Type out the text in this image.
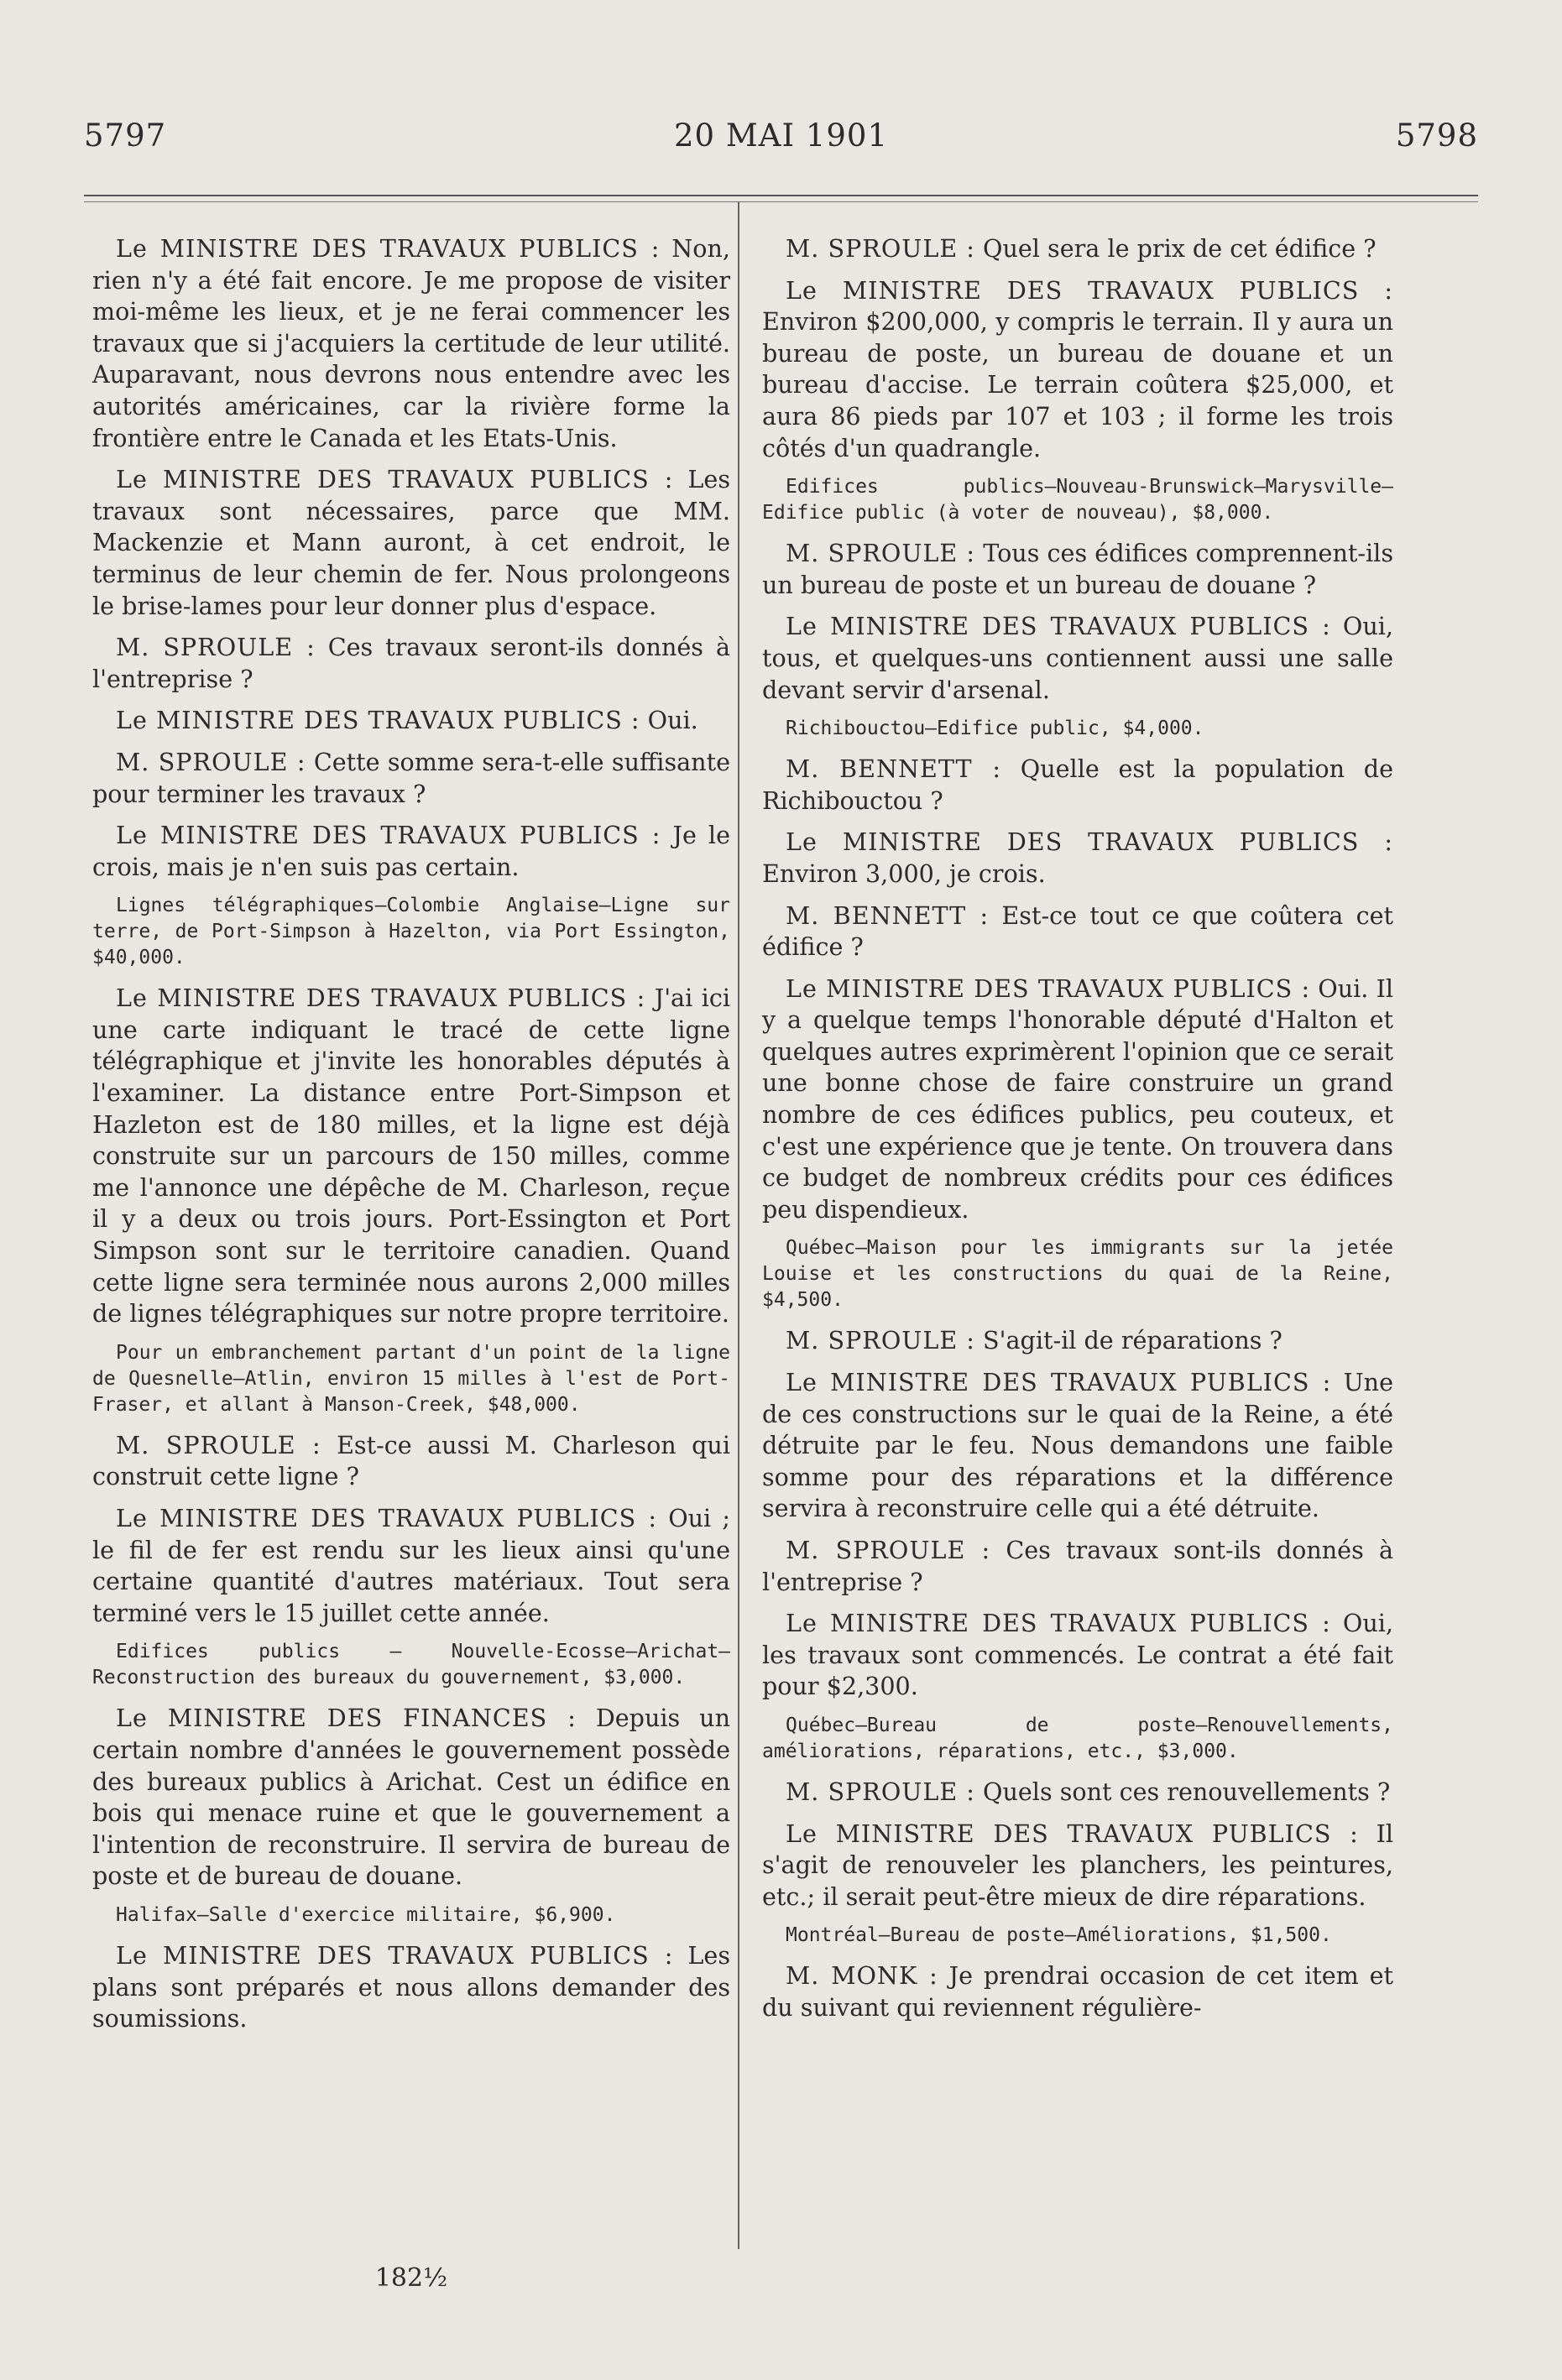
5797	20 MAI 1901	5798

Le MINISTRE DES TRAVAUX PUBLICS : Non, rien n'y a été fait encore. Je me propose de visiter moi-même les lieux, et je ne ferai commencer les travaux que si j'acquiers la certitude de leur utilité. Auparavant, nous devrons nous entendre avec les autorités américaines, car la rivière forme la frontière entre le Canada et les Etats-Unis.

Le MINISTRE DES TRAVAUX PUBLICS : Les travaux sont nécessaires, parce que MM. Mackenzie et Mann auront, à cet endroit, le terminus de leur chemin de fer. Nous prolongeons le brise-lames pour leur donner plus d'espace.

M. SPROULE : Ces travaux seront-ils donnés à l'entreprise ?

Le MINISTRE DES TRAVAUX PUBLICS : Oui.

M. SPROULE : Cette somme sera-t-elle suffisante pour terminer les travaux ?

Le MINISTRE DES TRAVAUX PUBLICS : Je le crois, mais je n'en suis pas certain.

Lignes télégraphiques—Colombie Anglaise—Ligne sur terre, de Port-Simpson à Hazelton, via Port Essington, $40,000.

Le MINISTRE DES TRAVAUX PUBLICS : J'ai ici une carte indiquant le tracé de cette ligne télégraphique et j'invite les honorables députés à l'examiner. La distance entre Port-Simpson et Hazleton est de 180 milles, et la ligne est déjà construite sur un parcours de 150 milles, comme me l'annonce une dépêche de M. Charleson, reçue il y a deux ou trois jours. Port-Essington et Port Simpson sont sur le territoire canadien. Quand cette ligne sera terminée nous aurons 2,000 milles de lignes télégraphiques sur notre propre territoire.

Pour un embranchement partant d'un point de la ligne de Quesnelle—Atlin, environ 15 milles à l'est de Port-Fraser, et allant à Manson-Creek, $48,000.

M. SPROULE : Est-ce aussi M. Charleson qui construit cette ligne ?

Le MINISTRE DES TRAVAUX PUBLICS : Oui ; le fil de fer est rendu sur les lieux ainsi qu'une certaine quantité d'autres matériaux. Tout sera terminé vers le 15 juillet cette année.

Edifices publics — Nouvelle-Ecosse—Arichat—Reconstruction des bureaux du gouvernement, $3,000.

Le MINISTRE DES FINANCES : Depuis un certain nombre d'années le gouvernement possède des bureaux publics à Arichat. Cest un édifice en bois qui menace ruine et que le gouvernement a l'intention de reconstruire. Il servira de bureau de poste et de bureau de douane.

Halifax—Salle d'exercice militaire, $6,900.

Le MINISTRE DES TRAVAUX PUBLICS : Les plans sont préparés et nous allons demander des soumissions.

M. SPROULE : Quel sera le prix de cet édifice ?

Le MINISTRE DES TRAVAUX PUBLICS : Environ $200,000, y compris le terrain. Il y aura un bureau de poste, un bureau de douane et un bureau d'accise. Le terrain coûtera $25,000, et aura 86 pieds par 107 et 103 ; il forme les trois côtés d'un quadrangle.

Edifices publics—Nouveau-Brunswick—Marysville—Edifice public (à voter de nouveau), $8,000.

M. SPROULE : Tous ces édifices comprennent-ils un bureau de poste et un bureau de douane ?

Le MINISTRE DES TRAVAUX PUBLICS : Oui, tous, et quelques-uns contiennent aussi une salle devant servir d'arsenal.

Richibouctou—Edifice public, $4,000.

M. BENNETT : Quelle est la population de Richibouctou ?

Le MINISTRE DES TRAVAUX PUBLICS : Environ 3,000, je crois.

M. BENNETT : Est-ce tout ce que coûtera cet édifice ?

Le MINISTRE DES TRAVAUX PUBLICS : Oui. Il y a quelque temps l'honorable député d'Halton et quelques autres exprimèrent l'opinion que ce serait une bonne chose de faire construire un grand nombre de ces édifices publics, peu couteux, et c'est une expérience que je tente. On trouvera dans ce budget de nombreux crédits pour ces édifices peu dispendieux.

Québec—Maison pour les immigrants sur la jetée Louise et les constructions du quai de la Reine, $4,500.

M. SPROULE : S'agit-il de réparations ?

Le MINISTRE DES TRAVAUX PUBLICS : Une de ces constructions sur le quai de la Reine, a été détruite par le feu. Nous demandons une faible somme pour des réparations et la différence servira à reconstruire celle qui a été détruite.

M. SPROULE : Ces travaux sont-ils donnés à l'entreprise ?

Le MINISTRE DES TRAVAUX PUBLICS : Oui, les travaux sont commencés. Le contrat a été fait pour $2,300.

Québec—Bureau de poste—Renouvellements, améliorations, réparations, etc., $3,000.

M. SPROULE : Quels sont ces renouvellements ?

Le MINISTRE DES TRAVAUX PUBLICS : Il s'agit de renouveler les planchers, les peintures, etc.; il serait peut-être mieux de dire réparations.

Montréal—Bureau de poste—Améliorations, $1,500.

M. MONK : Je prendrai occasion de cet item et du suivant qui reviennent régulière-

182½
